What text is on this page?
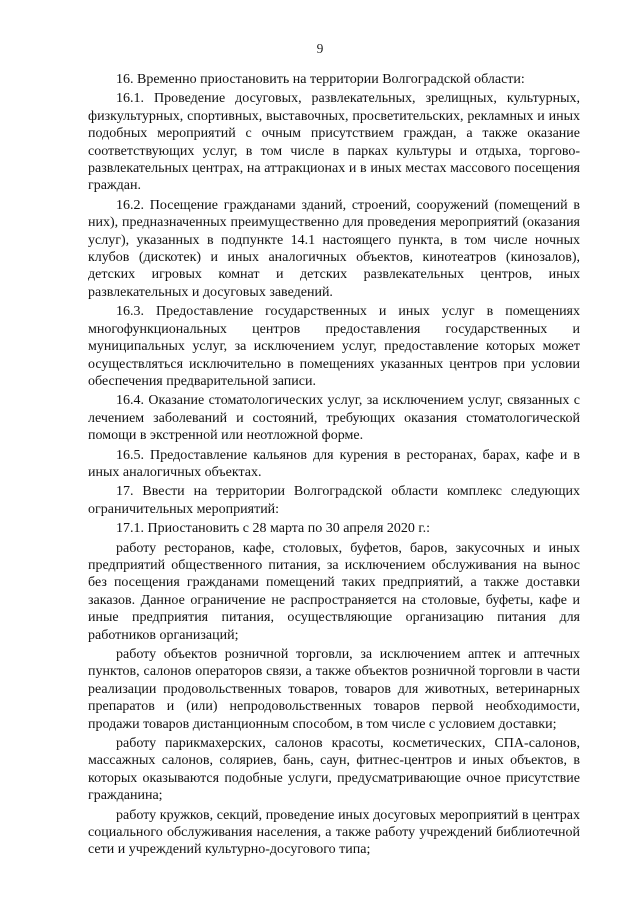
9

16. Временно приостановить на территории Волгоградской области:

16.1. Проведение досуговых, развлекательных, зрелищных, культурных, физкультурных, спортивных, выставочных, просветительских, рекламных и иных подобных мероприятий с очным присутствием граждан, а также оказание соответствующих услуг, в том числе в парках культуры и отдыха, торгово-развлекательных центрах, на аттракционах и в иных местах массового посещения граждан.

16.2. Посещение гражданами зданий, строений, сооружений (помещений в них), предназначенных преимущественно для проведения мероприятий (оказания услуг), указанных в подпункте 14.1 настоящего пункта, в том числе ночных клубов (дискотек) и иных аналогичных объектов, кинотеатров (кинозалов), детских игровых комнат и детских развлекательных центров, иных развлекательных и досуговых заведений.

16.3. Предоставление государственных и иных услуг в помещениях многофункциональных центров предоставления государственных и муниципальных услуг, за исключением услуг, предоставление которых может осуществляться исключительно в помещениях указанных центров при условии обеспечения предварительной записи.

16.4. Оказание стоматологических услуг, за исключением услуг, связанных с лечением заболеваний и состояний, требующих оказания стоматологической помощи в экстренной или неотложной форме.

16.5. Предоставление кальянов для курения в ресторанах, барах, кафе и в иных аналогичных объектах.

17. Ввести на территории Волгоградской области комплекс следующих ограничительных мероприятий:

17.1. Приостановить с 28 марта по 30 апреля 2020 г.:

работу ресторанов, кафе, столовых, буфетов, баров, закусочных и иных предприятий общественного питания, за исключением обслуживания на вынос без посещения гражданами помещений таких предприятий, а также доставки заказов. Данное ограничение не распространяется на столовые, буфеты, кафе и иные предприятия питания, осуществляющие организацию питания для работников организаций;

работу объектов розничной торговли, за исключением аптек и аптечных пунктов, салонов операторов связи, а также объектов розничной торговли в части реализации продовольственных товаров, товаров для животных, ветеринарных препаратов и (или) непродовольственных товаров первой необходимости, продажи товаров дистанционным способом, в том числе с условием доставки;

работу парикмахерских, салонов красоты, косметических, СПА-салонов, массажных салонов, соляриев, бань, саун, фитнес-центров и иных объектов, в которых оказываются подобные услуги, предусматривающие очное присутствие гражданина;

работу кружков, секций, проведение иных досуговых мероприятий в центрах социального обслуживания населения, а также работу учреждений библиотечной сети и учреждений культурно-досугового типа;
